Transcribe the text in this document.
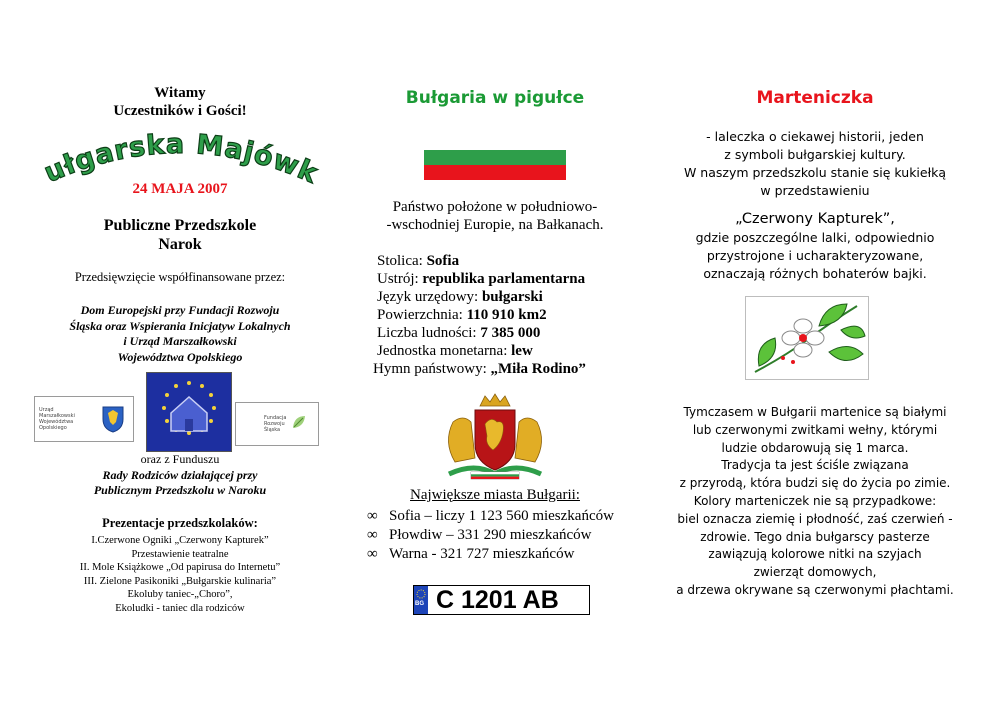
Witamy
Uczestników i Gości!
ułgarska Majówk
24 MAJA 2007
Publiczne Przedszkole
Narok
Przedsięwzięcie współfinansowane przez:
Dom Europejski przy Fundacji Rozwoju
Śląska oraz Wspierania Inicjatyw Lokalnych
i Urząd Marszałkowski
Województwa Opolskiego
Urząd
Marszałkowski
Województwa
Opolskiego
Fundacja
Rozwoju
Śląska
oraz z Funduszu
Rady Rodziców działającej przy
Publicznym Przedszkolu w Naroku
Prezentacje przedszkolaków:
I.Czerwone Ogniki „Czerwony Kapturek”
Przestawienie teatralne
II. Mole Książkowe „Od papirusa do Internetu”
III. Zielone Pasikoniki „Bułgarskie kulinaria”
Ekoluby taniec-„Choro”,
Ekoludki - taniec dla rodziców
Bułgaria w pigułce
Państwo położone w południowo-
-wschodniej Europie, na Bałkanach.
Stolica: Sofia
Ustrój: republika parlamentarna
Język urzędowy: bułgarski
Powierzchnia: 110 910 km2
Liczba ludności: 7 385 000
Jednostka monetarna: lew
Hymn państwowy: „Miła Rodino”
Największe miasta Bułgarii:
∞ Sofia – liczy 1 123 560 mieszkańców
∞ Płowdiw – 331 290 mieszkańców
∞ Warna - 321 727 mieszkańców
BG C 1201 AB
Marteniczka
- laleczka o ciekawej historii, jeden
z symboli bułgarskiej kultury.
W naszym przedszkolu stanie się kukiełką
w przedstawieniu
„Czerwony Kapturek”,
gdzie poszczególne lalki, odpowiednio
przystrojone i ucharakteryzowane,
oznaczają różnych bohaterów bajki.
Tymczasem w Bułgarii martenice są białymi
lub czerwonymi zwitkami wełny, którymi
ludzie obdarowują się 1 marca.
Tradycja ta jest ściśle związana
z przyrodą, która budzi się do życia po zimie.
Kolory marteniczek nie są przypadkowe:
biel oznacza ziemię i płodność, zaś czerwień -
zdrowie. Tego dnia bułgarscy pasterze
zawiązują kolorowe nitki na szyjach
zwierząt domowych,
a drzewa okrywane są czerwonymi płachtami.
